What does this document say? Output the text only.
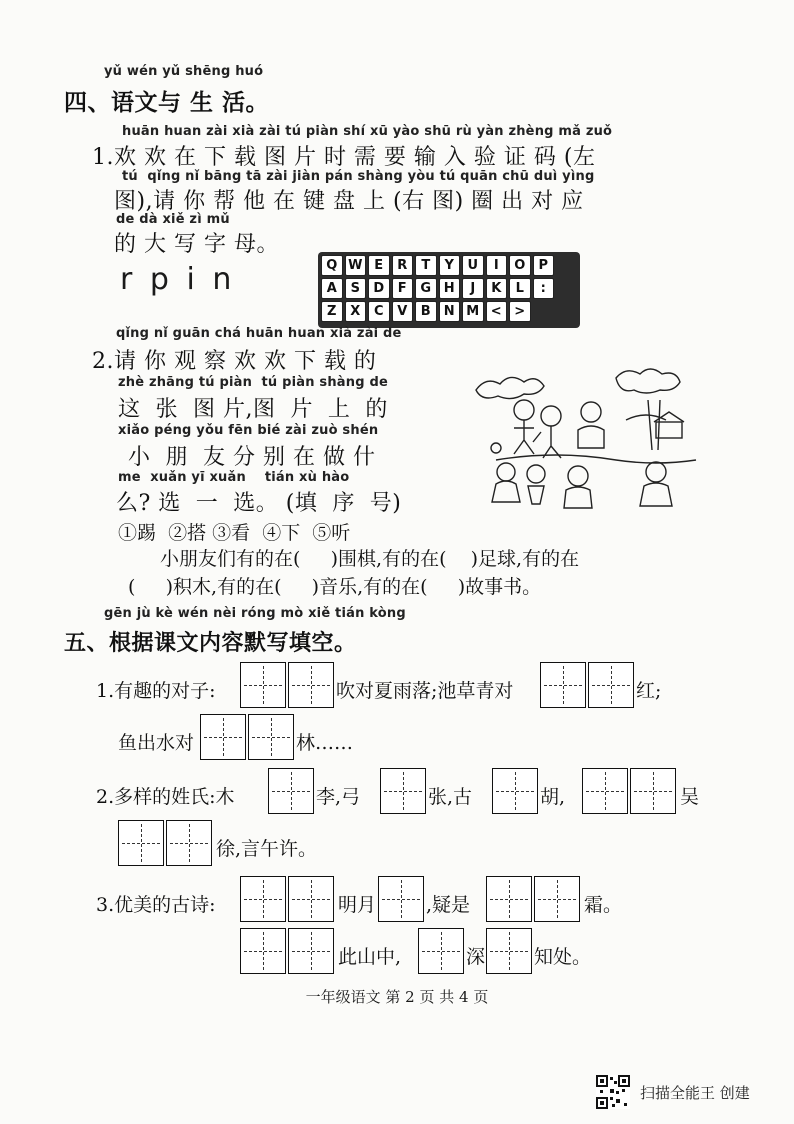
yǔ wén yǔ shēng huó
四、语文与 生 活。
huān huan zài xià zài tú piàn shí xū yào shū rù yàn zhèng mǎ zuǒ
1.欢 欢 在 下 载 图 片 时 需 要 输 入 验 证 码 (左
tú  qǐng nǐ bāng tā zài jiàn pán shàng yòu tú quān chū duì yìng
图),请 你 帮 他 在 键 盘 上 (右 图) 圈 出 对 应
de dà xiě zì mǔ
的 大 写 字 母。
r p i n	Q W E	R	T	Y	U	I	O	P
A	S	D	F	G H	J	K	L	:
Z	X	C	V	B	N M < >
qǐng nǐ guān chá huān huan xià zài de
2.请 你 观 察 欢 欢 下 载 的
zhè zhāng tú piàn  tú piàn shàng de
这  张  图 片,图  片  上  的
xiǎo péng yǒu fēn bié zài zuò shén
小  朋  友 分 别 在 做 什
me  xuǎn yī xuǎn    tián xù hào
么? 选  一  选。 (填  序  号)
①踢  ②搭 ③看  ④下  ⑤听
小朋友们有的在(     )围棋,有的在(    )足球,有的在
(     )积木,有的在(     )音乐,有的在(     )故事书。
gēn jù kè wén nèi róng mò xiě tián kòng
五、根据课文内容默写填空。
1.有趣的对子:	吹对夏雨落;池草青对	红;
鱼出水对	林……
2.多样的姓氏:木	李,弓	张,古	胡,	吴
徐,言午许。
3.优美的古诗:	明月	,疑是	霜。
此山中,	深	知处。
一年级语文 第 2 页 共 4 页
扫描全能王 创建
